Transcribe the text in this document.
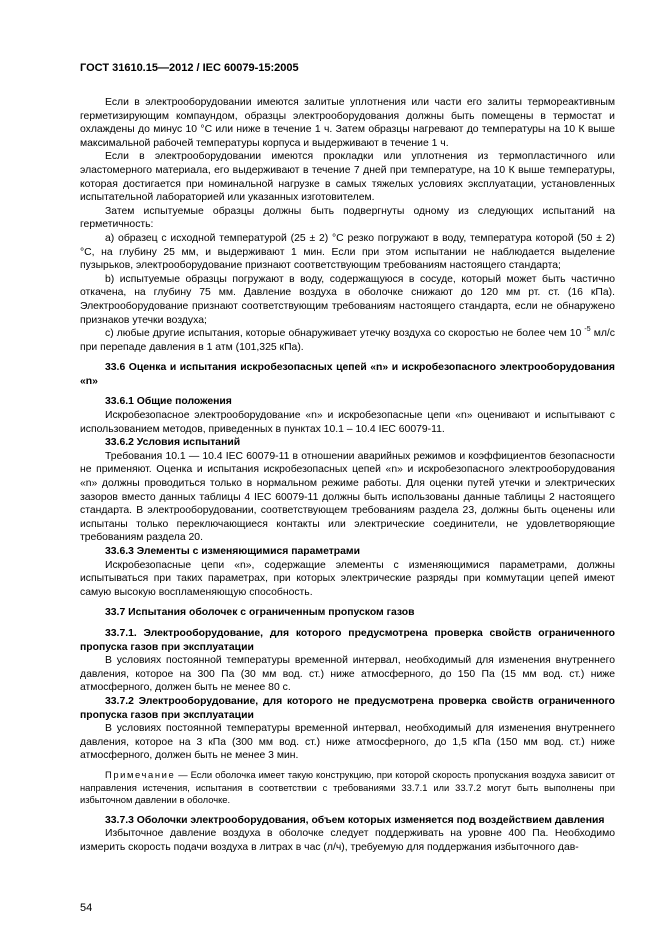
ГОСТ 31610.15—2012 / IEC 60079-15:2005

Если в электрооборудовании имеются залитые уплотнения или части его залиты термореактивным герметизирующим компаундом, образцы электрооборудования должны быть помещены в термостат и охлаждены до минус 10 °С или ниже в течение 1 ч. Затем образцы нагревают до температуры на 10 К выше максимальной рабочей температуры корпуса и выдерживают в течение 1 ч.

Если в электрооборудовании имеются прокладки или уплотнения из термопластичного или эластомерного материала, его выдерживают в течение 7 дней при температуре, на 10 К выше температуры, которая достигается при номинальной нагрузке в самых тяжелых условиях эксплуатации, установленных испытательной лабораторией или указанных изготовителем.

Затем испытуемые образцы должны быть подвергнуты одному из следующих испытаний на герметичность:

a) образец с исходной температурой (25 ± 2) °С резко погружают в воду, температура которой (50 ± 2) °С, на глубину 25 мм, и выдерживают 1 мин. Если при этом испытании не наблюдается выделение пузырьков, электрооборудование признают соответствующим требованиям настоящего стандарта;

b) испытуемые образцы погружают в воду, содержащуюся в сосуде, который может быть частично откачена, на глубину 75 мм. Давление воздуха в оболочке снижают до 120 мм рт. ст. (16 кПа). Электрооборудование признают соответствующим требованиям настоящего стандарта, если не обнаружено признаков утечки воздуха;

c) любые другие испытания, которые обнаруживает утечку воздуха со скоростью не более чем 10 $^{-5}$ мл/с при перепаде давления в 1 атм (101,325 кПа).

33.6 Оценка и испытания искробезопасных цепей «n» и искробезопасного электрооборудования «n»

33.6.1 Общие положения

Искробезопасное электрооборудование «n» и искробезопасные цепи «n» оценивают и испытывают с использованием методов, приведенных в пунктах 10.1 – 10.4 IEC 60079-11.

33.6.2 Условия испытаний

Требования 10.1 — 10.4 IEC 60079-11 в отношении аварийных режимов и коэффициентов безопасности не применяют. Оценка и испытания искробезопасных цепей «n» и искробезопасного электрооборудования «n» должны проводиться только в нормальном режиме работы. Для оценки путей утечки и электрических зазоров вместо данных таблицы 4 IEC 60079-11 должны быть использованы данные таблицы 2 настоящего стандарта. В электрооборудовании, соответствующем требованиям раздела 23, должны быть оценены или испытаны только переключающиеся контакты или электрические соединители, не удовлетворяющие требованиям раздела 20.

33.6.3 Элементы с изменяющимися параметрами

Искробезопасные цепи «n», содержащие элементы с изменяющимися параметрами, должны испытываться при таких параметрах, при которых электрические разряды при коммутации цепей имеют самую высокую воспламеняющую способность.

33.7 Испытания оболочек с ограниченным пропуском газов

33.7.1. Электрооборудование, для которого предусмотрена проверка свойств ограниченного пропуска газов при эксплуатации

В условиях постоянной температуры временной интервал, необходимый для изменения внутреннего давления, которое на 300 Па (30 мм вод. ст.) ниже атмосферного, до 150 Па (15 мм вод. ст.) ниже атмосферного, должен быть не менее 80 с.

33.7.2 Электрооборудование, для которого не предусмотрена проверка свойств ограниченного пропуска газов при эксплуатации

В условиях постоянной температуры временной интервал, необходимый для изменения внутреннего давления, которое на 3 кПа (300 мм вод. ст.) ниже атмосферного, до 1,5 кПа (150 мм вод. ст.) ниже атмосферного, должен быть не менее 3 мин.

Примечание — Если оболочка имеет такую конструкцию, при которой скорость пропускания воздуха зависит от направления истечения, испытания в соответствии с требованиями 33.7.1 или 33.7.2 могут быть выполнены при избыточном давлении в оболочке.

33.7.3 Оболочки электрооборудования, объем которых изменяется под воздействием давления

Избыточное давление воздуха в оболочке следует поддерживать на уровне 400 Па. Необходимо измерить скорость подачи воздуха в литрах в час (л/ч), требуемую для поддержания избыточного дав-

54
